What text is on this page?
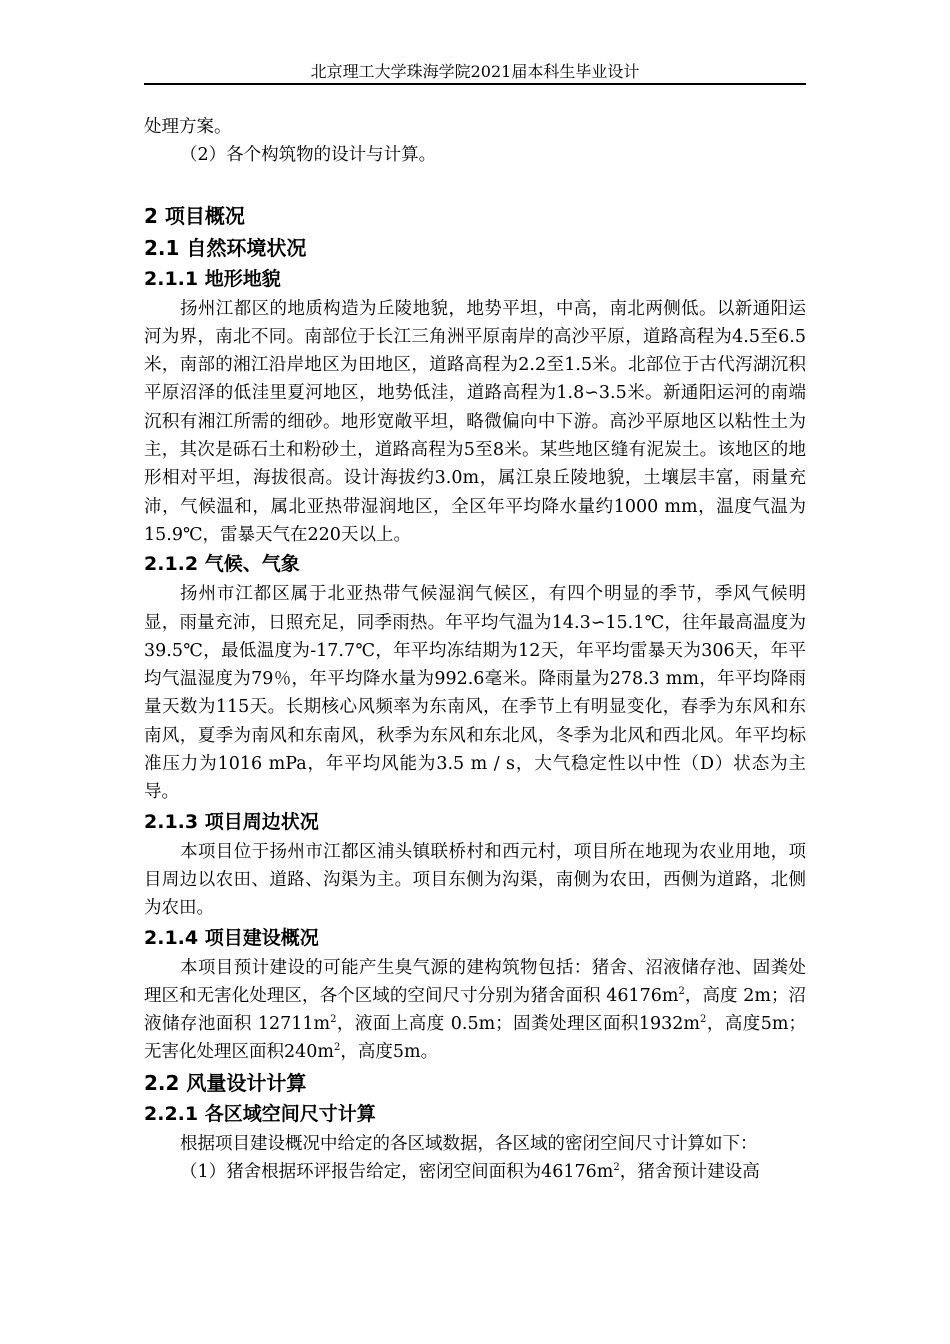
北京理工大学珠海学院2021届本科生毕业设计

处理方案。

（2）各个构筑物的设计与计算。

2 项目概况
2.1 自然环境状况
2.1.1 地形地貌

扬州江都区的地质构造为丘陵地貌，地势平坦，中高，南北两侧低。以新通阳运河为界，南北不同。南部位于长江三角洲平原南岸的高沙平原，道路高程为4.5至6.5米，南部的湘江沿岸地区为田地区，道路高程为2.2至1.5米。北部位于古代泻湖沉积平原沼泽的低洼里夏河地区，地势低洼，道路高程为1.8∽3.5米。新通阳运河的南端沉积有湘江所需的细砂。地形宽敞平坦，略微偏向中下游。高沙平原地区以粘性土为主，其次是砾石土和粉砂土，道路高程为5至8米。某些地区缝有泥炭土。该地区的地形相对平坦，海拔很高。设计海拔约3.0m，属江泉丘陵地貌，土壤层丰富，雨量充沛，气候温和，属北亚热带湿润地区，全区年平均降水量约1000 mm，温度气温为15.9℃，雷暴天气在220天以上。

2.1.2 气候、气象

扬州市江都区属于北亚热带气候湿润气候区，有四个明显的季节，季风气候明显，雨量充沛，日照充足，同季雨热。年平均气温为14.3∽15.1℃，往年最高温度为39.5℃，最低温度为-17.7℃，年平均冻结期为12天，年平均雷暴天为306天，年平均气温湿度为79％，年平均降水量为992.6毫米。降雨量为278.3 mm，年平均降雨量天数为115天。长期核心风频率为东南风，在季节上有明显变化，春季为东风和东南风，夏季为南风和东南风，秋季为东风和东北风，冬季为北风和西北风。年平均标准压力为1016 mPa，年平均风能为3.5 m / s，大气稳定性以中性（D）状态为主导。

2.1.3 项目周边状况

本项目位于扬州市江都区浦头镇联桥村和西元村，项目所在地现为农业用地，项目周边以农田、道路、沟渠为主。项目东侧为沟渠，南侧为农田，西侧为道路，北侧为农田。

2.1.4 项目建设概况

本项目预计建设的可能产生臭气源的建构筑物包括：猪舍、沼液储存池、固粪处理区和无害化处理区，各个区域的空间尺寸分别为猪舍面积 $46176m^2$，高度 2m；沼液储存池面积 $12711m^2$，液面上高度 0.5m；固粪处理区面积$1932m^2$，高度5m；无害化处理区面积$240m^2$，高度5m。

2.2 风量设计计算
2.2.1 各区域空间尺寸计算

根据项目建设概况中给定的各区域数据，各区域的密闭空间尺寸计算如下：

（1）猪舍根据环评报告给定，密闭空间面积为$46176m^2$，猪舍预计建设高
